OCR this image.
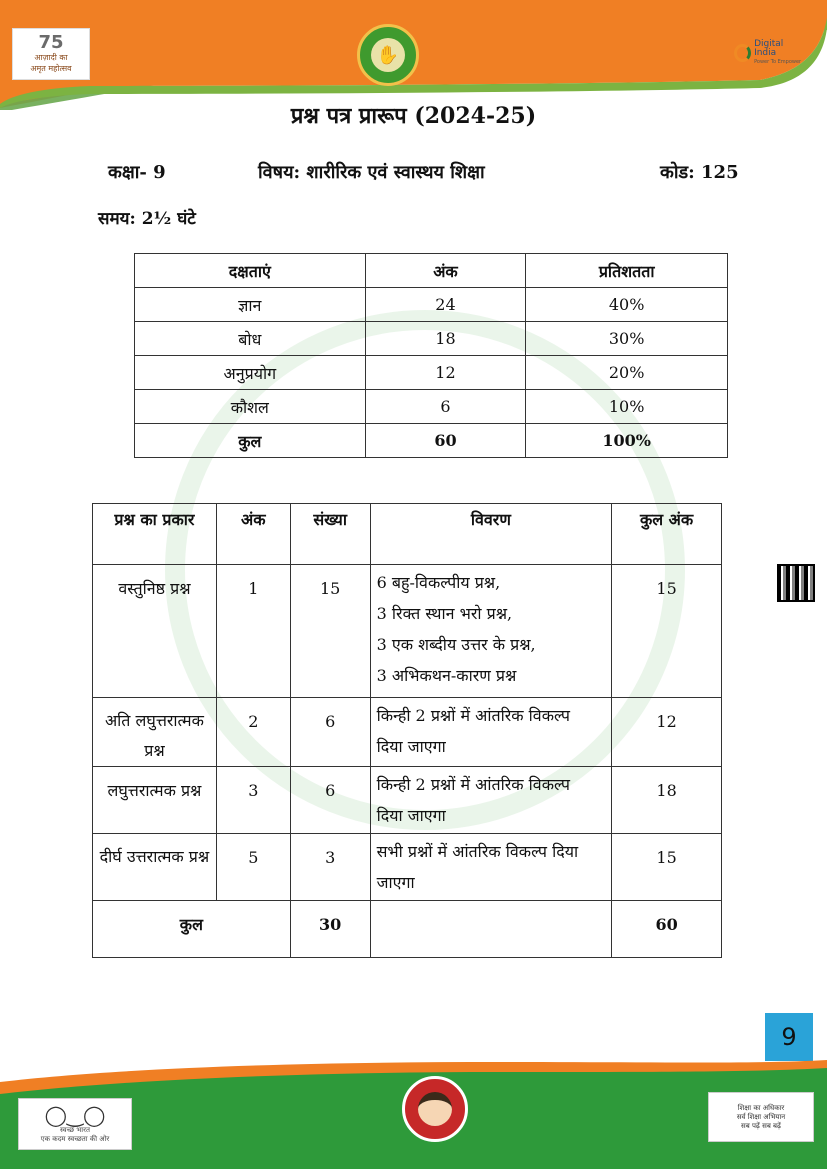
75
आज़ादी का
अमृत महोत्सव
✋
Digital India
Power To Empower
प्रश्न पत्र प्रारूप (2024-25)
कक्षा- 9	विषय: शारीरिक एवं स्वास्थय शिक्षा	कोड: 125
समय: 2½ घंटे
दक्षताएं	अंक	प्रतिशतता
ज्ञान	24	40%
बोध	18	30%
अनुप्रयोग	12	20%
कौशल	6	10%
कुल	60	100%
प्रश्न का प्रकार	अंक	संख्या	विवरण	कुल अंक
वस्तुनिष्ठ प्रश्न	1	15	6 बहु-विकल्पीय प्रश्न,
3 रिक्त स्थान भरो प्रश्न,
3 एक शब्दीय उत्तर के प्रश्न,
3 अभिकथन-कारण प्रश्न	15
अति लघुत्तरात्मक प्रश्न	2	6	किन्ही 2 प्रश्नों में आंतरिक विकल्प
दिया जाएगा	12
लघुत्तरात्मक प्रश्न	3	6	किन्ही 2 प्रश्नों में आंतरिक विकल्प
दिया जाएगा	18
दीर्घ उत्तरात्मक प्रश्न	5	3	सभी प्रश्नों में आंतरिक विकल्प दिया
जाएगा	15
कुल		30		60
9
◯‿◯
स्वच्छ भारत
एक कदम स्वच्छता की ओर
शिक्षा का अधिकार
सर्व शिक्षा अभियान
सब पढ़ें सब बढ़ें
